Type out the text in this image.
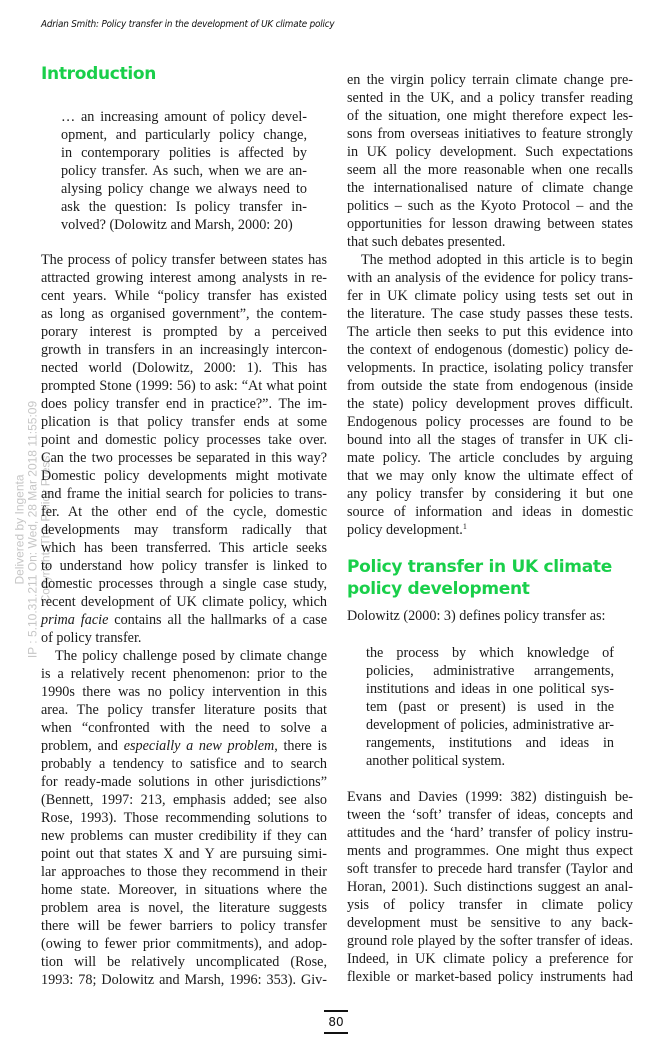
Adrian Smith: Policy transfer in the development of UK climate policy
Delivered by Ingenta IP : 5.10.31.211 On: Wed, 28 Mar 2018 11:55:09 Copyright: The Policy Press
Introduction
… an increasing amount of policy devel-
opment, and particularly policy change,
in contemporary polities is affected by
policy transfer. As such, when we are an-
alysing policy change we always need to
ask the question: Is policy transfer in-
volved? (Dolowitz and Marsh, 2000: 20)
The process of policy transfer between states has
attracted growing interest among analysts in re-
cent years. While “policy transfer has existed
as long as organised government”, the contem-
porary interest is prompted by a perceived
growth in transfers in an increasingly intercon-
nected world (Dolowitz, 2000: 1). This has
prompted Stone (1999: 56) to ask: “At what point
does policy transfer end in practice?”. The im-
plication is that policy transfer ends at some
point and domestic policy processes take over.
Can the two processes be separated in this way?
Domestic policy developments might motivate
and frame the initial search for policies to trans-
fer. At the other end of the cycle, domestic
developments may transform radically that
which has been transferred. This article seeks
to understand how policy transfer is linked to
domestic processes through a single case study,
recent development of UK climate policy, which
prima facie contains all the hallmarks of a case
of policy transfer.
The policy challenge posed by climate change
is a relatively recent phenomenon: prior to the
1990s there was no policy intervention in this
area. The policy transfer literature posits that
when “confronted with the need to solve a
problem, and especially a new problem, there is
probably a tendency to satisfice and to search
for ready-made solutions in other jurisdictions”
(Bennett, 1997: 213, emphasis added; see also
Rose, 1993). Those recommending solutions to
new problems can muster credibility if they can
point out that states X and Y are pursuing simi-
lar approaches to those they recommend in their
home state. Moreover, in situations where the
problem area is novel, the literature suggests
there will be fewer barriers to policy transfer
(owing to fewer prior commitments), and adop-
tion will be relatively uncomplicated (Rose,
1993: 78; Dolowitz and Marsh, 1996: 353). Giv-
en the virgin policy terrain climate change pre-
sented in the UK, and a policy transfer reading
of the situation, one might therefore expect les-
sons from overseas initiatives to feature strongly
in UK policy development. Such expectations
seem all the more reasonable when one recalls
the internationalised nature of climate change
politics – such as the Kyoto Protocol – and the
opportunities for lesson drawing between states
that such debates presented.
The method adopted in this article is to begin
with an analysis of the evidence for policy trans-
fer in UK climate policy using tests set out in
the literature. The case study passes these tests.
The article then seeks to put this evidence into
the context of endogenous (domestic) policy de-
velopments. In practice, isolating policy transfer
from outside the state from endogenous (inside
the state) policy development proves difficult.
Endogenous policy processes are found to be
bound into all the stages of transfer in UK cli-
mate policy. The article concludes by arguing
that we may only know the ultimate effect of
any policy transfer by considering it but one
source of information and ideas in domestic
policy development.$^1$
Policy transfer in UK climate
policy development
Dolowitz (2000: 3) defines policy transfer as:
the process by which knowledge of
policies, administrative arrangements,
institutions and ideas in one political sys-
tem (past or present) is used in the
development of policies, administrative ar-
rangements, institutions and ideas in
another political system.
Evans and Davies (1999: 382) distinguish be-
tween the ‘soft’ transfer of ideas, concepts and
attitudes and the ‘hard’ transfer of policy instru-
ments and programmes. One might thus expect
soft transfer to precede hard transfer (Taylor and
Horan, 2001). Such distinctions suggest an anal-
ysis of policy transfer in climate policy
development must be sensitive to any back-
ground role played by the softer transfer of ideas.
Indeed, in UK climate policy a preference for
flexible or market-based policy instruments had
80
